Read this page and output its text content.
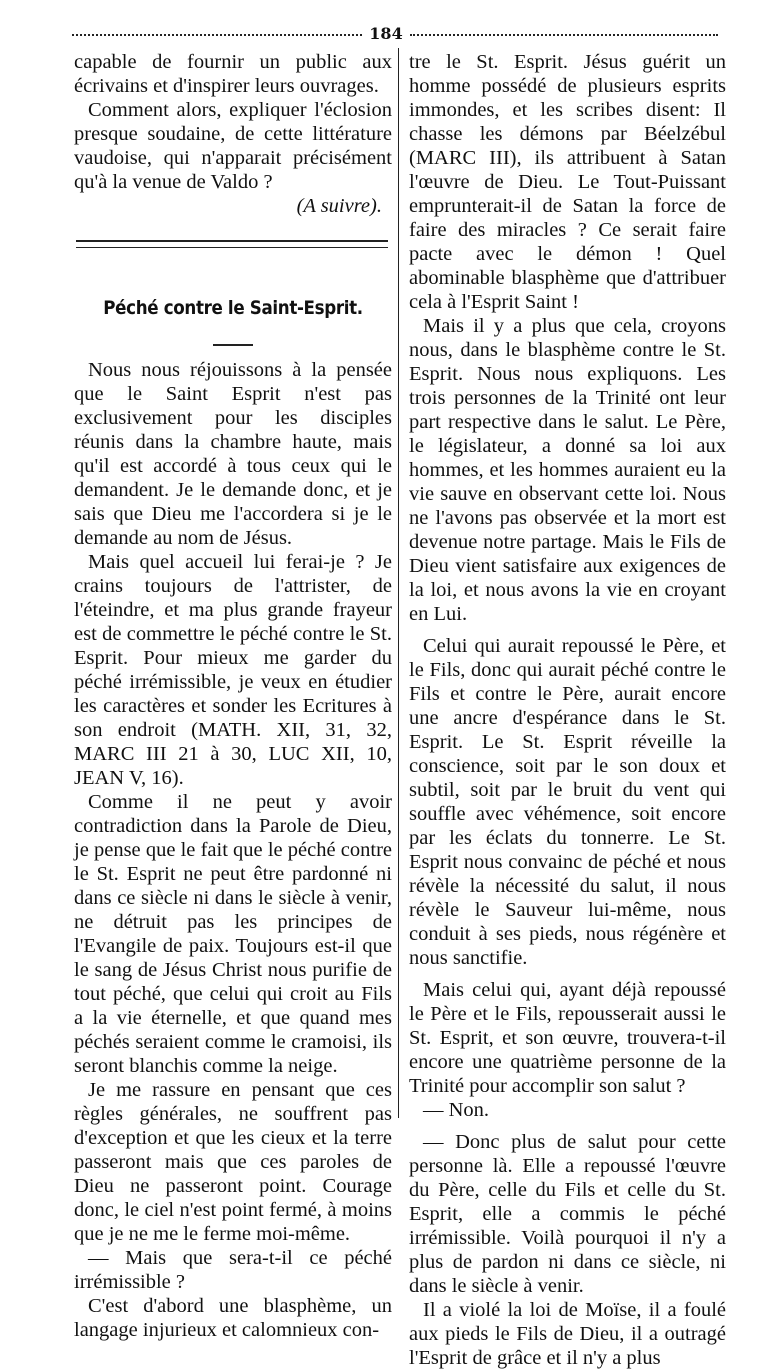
184

capable de fournir un public aux écrivains et d'inspirer leurs ouvrages.

Comment alors, expliquer l'éclosion presque soudaine, de cette littérature vaudoise, qui n'apparait précisément qu'à la venue de Valdo ?

(A suivre).

Péché contre le Saint-Esprit.

Nous nous réjouissons à la pensée que le Saint Esprit n'est pas exclusivement pour les disciples réunis dans la chambre haute, mais qu'il est accordé à tous ceux qui le demandent. Je le demande donc, et je sais que Dieu me l'accordera si je le demande au nom de Jésus.

Mais quel accueil lui ferai-je ? Je crains toujours de l'attrister, de l'éteindre, et ma plus grande frayeur est de commettre le péché contre le St. Esprit. Pour mieux me garder du péché irrémissible, je veux en étudier les caractères et sonder les Ecritures à son endroit (MATH. XII, 31, 32, MARC III 21 à 30, LUC XII, 10, JEAN V, 16).

Comme il ne peut y avoir contradiction dans la Parole de Dieu, je pense que le fait que le péché contre le St. Esprit ne peut être pardonné ni dans ce siècle ni dans le siècle à venir, ne détruit pas les principes de l'Evangile de paix. Toujours est-il que le sang de Jésus Christ nous purifie de tout péché, que celui qui croit au Fils a la vie éternelle, et que quand mes péchés seraient comme le cramoisi, ils seront blanchis comme la neige.

Je me rassure en pensant que ces règles générales, ne souffrent pas d'exception et que les cieux et la terre passeront mais que ces paroles de Dieu ne passeront point. Courage donc, le ciel n'est point fermé, à moins que je ne me le ferme moi-même.

— Mais que sera-t-il ce péché irrémissible ?

C'est d'abord une blasphème, un langage injurieux et calomnieux con-

tre le St. Esprit. Jésus guérit un homme possédé de plusieurs esprits immondes, et les scribes disent: Il chasse les démons par Béelzébul (MARC III), ils attribuent à Satan l'œuvre de Dieu. Le Tout-Puissant emprunterait-il de Satan la force de faire des miracles ? Ce serait faire pacte avec le démon ! Quel abominable blasphème que d'attribuer cela à l'Esprit Saint !

Mais il y a plus que cela, croyons nous, dans le blasphème contre le St. Esprit. Nous nous expliquons. Les trois personnes de la Trinité ont leur part respective dans le salut. Le Père, le législateur, a donné sa loi aux hommes, et les hommes auraient eu la vie sauve en observant cette loi. Nous ne l'avons pas observée et la mort est devenue notre partage. Mais le Fils de Dieu vient satisfaire aux exigences de la loi, et nous avons la vie en croyant en Lui.

Celui qui aurait repoussé le Père, et le Fils, donc qui aurait péché contre le Fils et contre le Père, aurait encore une ancre d'espérance dans le St. Esprit. Le St. Esprit réveille la conscience, soit par le son doux et subtil, soit par le bruit du vent qui souffle avec véhémence, soit encore par les éclats du tonnerre. Le St. Esprit nous convainc de péché et nous révèle la nécessité du salut, il nous révèle le Sauveur lui-même, nous conduit à ses pieds, nous régénère et nous sanctifie.

Mais celui qui, ayant déjà repoussé le Père et le Fils, repousserait aussi le St. Esprit, et son œuvre, trouvera-t-il encore une quatrième personne de la Trinité pour accomplir son salut ?

— Non.

— Donc plus de salut pour cette personne là. Elle a repoussé l'œuvre du Père, celle du Fils et celle du St. Esprit, elle a commis le péché irrémissible. Voilà pourquoi il n'y a plus de pardon ni dans ce siècle, ni dans le siècle à venir.

Il a violé la loi de Moïse, il a foulé aux pieds le Fils de Dieu, il a outragé l'Esprit de grâce et il n'y a plus
